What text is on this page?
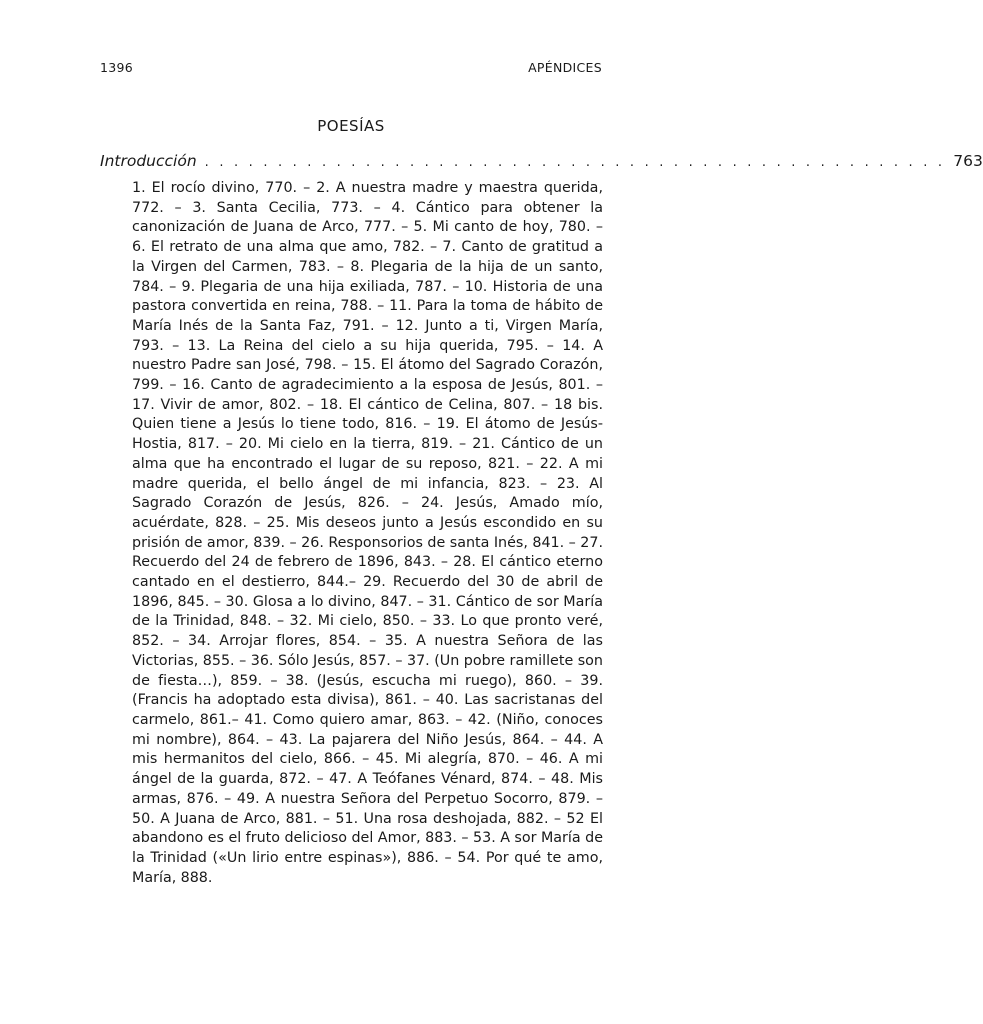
1396	APÉNDICES
POESÍAS
Introducción . . . . . . . . . . . . . . . . . . . . . . . . . . . . . . . . . . . . . . . . . . . . . . . . . . . 763
1. El rocío divino, 770. – 2. A nuestra madre y maestra querida, 772. – 3. Santa Cecilia, 773. – 4. Cántico para obtener la canonización de Juana de Arco, 777. – 5. Mi canto de hoy, 780. – 6. El retrato de una alma que amo, 782. – 7. Canto de gratitud a la Virgen del Carmen, 783. – 8. Plegaria de la hija de un santo, 784. – 9. Plegaria de una hija exiliada, 787. – 10. Historia de una pastora convertida en reina, 788. – 11. Para la toma de hábito de María Inés de la Santa Faz, 791. – 12. Junto a ti, Virgen María, 793. – 13. La Reina del cielo a su hija querida, 795. – 14. A nuestro Padre san José, 798. – 15. El átomo del Sagrado Corazón, 799. – 16. Canto de agradecimiento a la esposa de Jesús, 801. – 17. Vivir de amor, 802. – 18. El cántico de Celina, 807. – 18 bis. Quien tiene a Jesús lo tiene todo, 816. – 19. El átomo de Jesús-Hostia, 817. – 20. Mi cielo en la tierra, 819. – 21. Cántico de un alma que ha encontrado el lugar de su reposo, 821. – 22. A mi madre querida, el bello ángel de mi infancia, 823. – 23. Al Sagrado Corazón de Jesús, 826. – 24. Jesús, Amado mío, acuérdate, 828. – 25. Mis deseos junto a Jesús escondido en su prisión de amor, 839. – 26. Responsorios de santa Inés, 841. – 27. Recuerdo del 24 de febrero de 1896, 843. – 28. El cántico eterno cantado en el destierro, 844.– 29. Recuerdo del 30 de abril de 1896, 845. – 30. Glosa a lo divino, 847. – 31. Cántico de sor María de la Trinidad, 848. – 32. Mi cielo, 850. – 33. Lo que pronto veré, 852. – 34. Arrojar flores, 854. – 35. A nuestra Señora de las Victorias, 855. – 36. Sólo Jesús, 857. – 37. (Un pobre ramillete son de fiesta…), 859. – 38. (Jesús, escucha mi ruego), 860. – 39. (Francis ha adoptado esta divisa), 861. – 40. Las sacristanas del carmelo, 861.– 41. Como quiero amar, 863. – 42. (Niño, conoces mi nombre), 864. – 43. La pajarera del Niño Jesús, 864. – 44. A mis hermanitos del cielo, 866. – 45. Mi alegría, 870. – 46. A mi ángel de la guarda, 872. – 47. A Teófanes Vénard, 874. – 48. Mis armas, 876. – 49. A nuestra Señora del Perpetuo Socorro, 879. – 50. A Juana de Arco, 881. – 51. Una rosa deshojada, 882. – 52 El abandono es el fruto delicioso del Amor, 883. – 53. A sor María de la Trinidad («Un lirio entre espinas»), 886. – 54. Por qué te amo, María, 888.
